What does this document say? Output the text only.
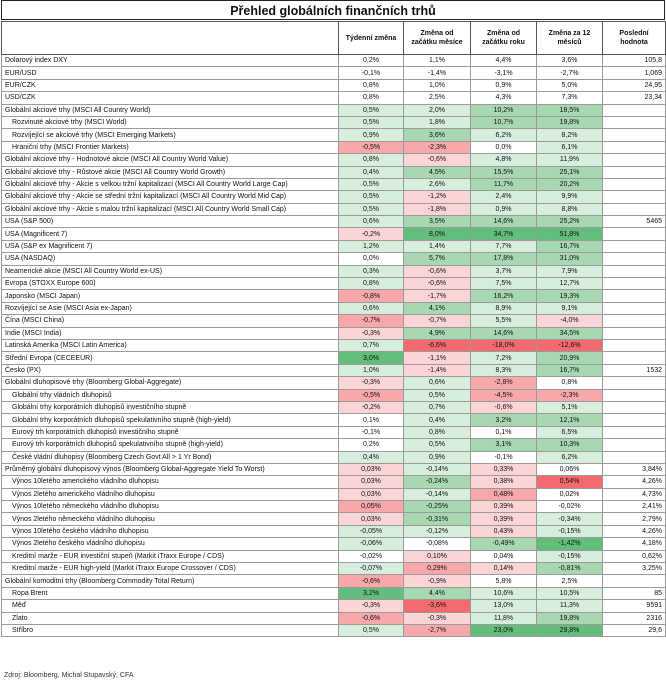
Přehled globálních finančních trhů
	Týdenní změna	Změna od začátku měsíce	Změna od začátku roku	Změna za 12 měsíců	Poslední hodnota
Dolarový index DXY	0,2%	1,1%	4,4%	3,6%	105,8
EUR/USD	-0,1%	-1,4%	-3,1%	-2,7%	1,069
EUR/CZK	0,8%	1,0%	0,9%	5,0%	24,95
USD/CZK	0,8%	2,5%	4,3%	7,3%	23,34
Globální akciové trhy (MSCI All Country World)	0,5%	2,0%	10,2%	18,5%	
Rozvinuté akciové trhy (MSCI World)	0,5%	1,8%	10,7%	19,8%	
Rozvíjející se akciové trhy (MSCI Emerging Markets)	0,9%	3,6%	6,2%	8,2%	
Hraniční trhy (MSCI Frontier Markets)	-0,5%	-2,3%	0,0%	6,1%	
Globální akciové trhy - Hodnotové akcie (MSCI All Country World Value)	0,8%	-0,6%	4,8%	11,9%	
Globální akciové trhy - Růstové akcie (MSCI All Country World Growth)	0,4%	4,5%	15,5%	25,1%	
Globální akciové trhy - Akcie s velkou tržní kapitalizací (MSCI All Country World Large Cap)	0,5%	2,6%	11,7%	20,2%	
Globální akciové trhy - Akcie se střední tržní kapitalizací (MSCI All Country World Mid Cap)	0,5%	-1,2%	2,4%	9,9%	
Globální akciové trhy - Akcie s malou tržní kapitalizací (MSCI All Country World Small Cap)	0,5%	-1,8%	0,9%	8,8%	
USA (S&P 500)	0,6%	3,5%	14,6%	25,2%	5465
USA (Magnificent 7)	-0,2%	8,0%	34,7%	51,8%	
USA (S&P ex Magnificent 7)	1,2%	1,4%	7,7%	16,7%	
USA (NASDAQ)	0,0%	5,7%	17,8%	31,0%	
Neamerické akcie (MSCI All Country World ex-US)	0,3%	-0,6%	3,7%	7,9%	
Evropa (STOXX Europe 600)	0,8%	-0,6%	7,5%	12,7%	
Japonsko (MSCI Japan)	-0,8%	-1,7%	16,2%	19,3%	
Rozvíjející se Asie (MSCI Asia ex-Japan)	0,6%	4,1%	8,9%	9,1%	
Čína (MSCI China)	-0,7%	-0,7%	5,5%	-4,0%	
Indie (MSCI India)	-0,3%	4,9%	14,6%	34,5%	
Latinská Amerika (MSCI Latin America)	0,7%	-6,6%	-18,0%	-12,6%	
Střední Evropa (CECEEUR)	3,0%	-1,1%	7,2%	20,9%	
Česko (PX)	1,0%	-1,4%	8,3%	16,7%	1532
Globální dluhopisové trhy (Bloomberg Global-Aggregate)	-0,3%	0,6%	-2,8%	0,8%	
Globální trhy vládních dluhopisů	-0,5%	0,5%	-4,5%	-2,3%	
Globální trhy korporátních dluhopisů investičního stupně	-0,2%	0,7%	-0,6%	5,1%	
Globální trhy korporátních dluhopisů spekulativního stupně (high-yield)	0,1%	0,4%	3,2%	12,1%	
Eurový trh korporátních dluhopisů investičního stupně	-0,1%	0,8%	0,1%	6,5%	
Eurový trh korporátních dluhopisů spekulativního stupně (high-yield)	0,2%	0,5%	3,1%	10,3%	
České vládní dluhopisy (Bloomberg Czech Govt All > 1 Yr Bond)	0,4%	0,9%	-0,1%	6,2%	
Průměrný globální dluhopisový výnos (Bloomberg Global-Aggregate Yield To Worst)	0,03%	-0,14%	0,33%	0,06%	3,84%
Výnos 10letého amerického vládního dluhopisu	0,03%	-0,24%	0,38%	0,54%	4,26%
Výnos 2letého amerického vládního dluhopisu	0,03%	-0,14%	0,48%	0,02%	4,73%
Výnos 10letého německého vládního dluhopisu	0,05%	-0,25%	0,39%	-0,02%	2,41%
Výnos 2letého německého vládního dluhopisu	0,03%	-0,31%	0,39%	-0,34%	2,79%
Výnos 10letého českého vládního dluhopisu	-0,05%	-0,12%	0,43%	-0,15%	4,26%
Výnos 2letého českého vládního dluhopisu	-0,06%	-0,08%	-0,49%	-1,42%	4,18%
Kreditní marže - EUR investiční stupeň (Markit iTraxx Europe / CDS)	-0,02%	0,10%	0,04%	-0,15%	0,62%
Kreditní marže - EUR high-yield (Markit iTraxx Europe Crossover / CDS)	-0,07%	0,29%	0,14%	-0,81%	3,25%
Globální komoditní trhy (Bloomberg Commodity Total Return)	-0,6%	-0,9%	5,8%	2,5%	
Ropa Brent	3,2%	4,4%	10,6%	10,5%	85
Měď	-0,3%	-3,6%	13,0%	11,3%	9591
Zlato	-0,6%	-0,3%	11,8%	19,8%	2316
Stříbro	0,5%	-2,7%	23,0%	29,8%	29,6
Zdroj: Bloomberg, Michal Stupavský, CFA
